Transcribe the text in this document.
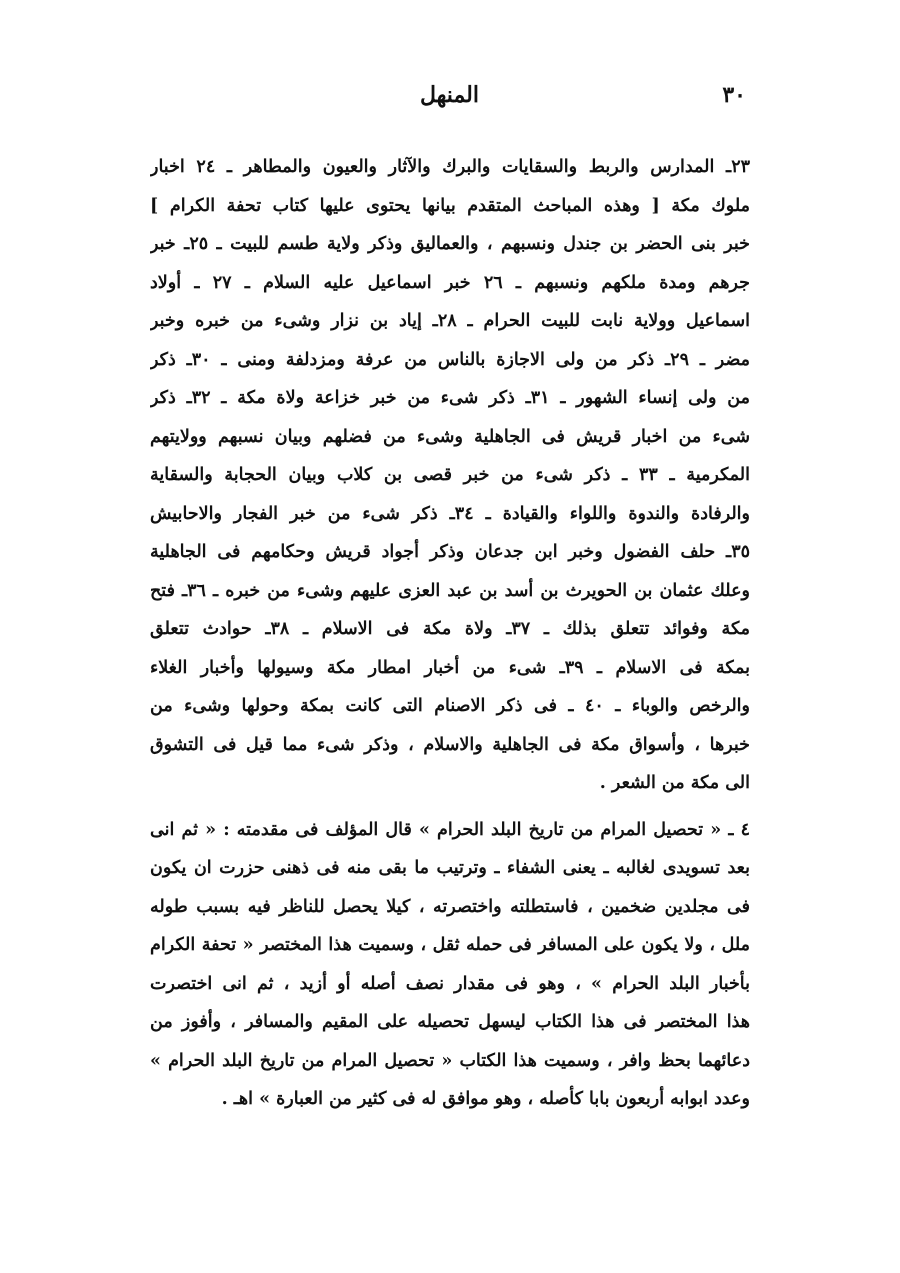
٣٠
المنهل
٢٣ـ المدارس والربط والسقايات والبرك والآثار والعيون والمطاهر ـ ٢٤ اخبار
ملوك مكة [ وهذه المباحث المتقدم بيانها يحتوى عليها كتاب تحفة الكرام ]
خبر بنى الحضر بن جندل ونسبهم ، والعماليق وذكر ولاية طسم للبيت ـ ٢٥ـ خبر
جرهم ومدة ملكهم ونسبهم ـ ٢٦ خبر اسماعيل عليه السلام ـ ٢٧ ـ أولاد
اسماعيل وولاية نابت للبيت الحرام ـ ٢٨ـ إياد بن نزار وشىء من خبره وخبر
مضر ـ ٢٩ـ ذكر من ولى الاجازة بالناس من عرفة ومزدلفة ومنى ـ ٣٠ـ ذكر
من ولى إنساء الشهور ـ ٣١ـ ذكر شىء من خبر خزاعة ولاة مكة ـ ٣٢ـ ذكر
شىء من اخبار قريش فى الجاهلية وشىء من فضلهم وبيان نسبهم وولايتهم
المكرمية ـ ٣٣ ـ ذكر شىء من خبر قصى بن كلاب وبيان الحجابة والسقاية
والرفادة والندوة واللواء والقيادة ـ ٣٤ـ ذكر شىء من خبر الفجار والاحابيش
٣٥ـ حلف الفضول وخبر ابن جدعان وذكر أجواد قريش وحكامهم فى الجاهلية
وعلك عثمان بن الحويرث بن أسد بن عبد العزى عليهم وشىء من خبره ـ ٣٦ـ فتح
مكة وفوائد تتعلق بذلك ـ ٣٧ـ ولاة مكة فى الاسلام ـ ٣٨ـ حوادث تتعلق
بمكة فى الاسلام ـ ٣٩ـ شىء من أخبار امطار مكة وسيولها وأخبار الغلاء
والرخص والوباء ـ ٤٠ ـ فى ذكر الاصنام التى كانت بمكة وحولها وشىء من
خبرها ، وأسواق مكة فى الجاهلية والاسلام ، وذكر شىء مما قيل فى التشوق
الى مكة من الشعر .
٤ ـ « تحصيل المرام من تاريخ البلد الحرام » قال المؤلف فى مقدمته : « ثم انى
بعد تسويدى لغالبه ـ يعنى الشفاء ـ وترتيب ما بقى منه فى ذهنى حزرت ان يكون
فى مجلدين ضخمين ، فاستطلته واختصرته ، كيلا يحصل للناظر فيه بسبب طوله
ملل ، ولا يكون على المسافر فى حمله ثقل ، وسميت هذا المختصر « تحفة الكرام
بأخبار البلد الحرام » ، وهو فى مقدار نصف أصله أو أزيد ، ثم انى اختصرت
هذا المختصر فى هذا الكتاب ليسهل تحصيله على المقيم والمسافر ، وأفوز من
دعائهما بحظ وافر ، وسميت هذا الكتاب « تحصيل المرام من تاريخ البلد الحرام »
وعدد ابوابه أربعون بابا كأصله ، وهو موافق له فى كثير من العبارة » اهـ .
